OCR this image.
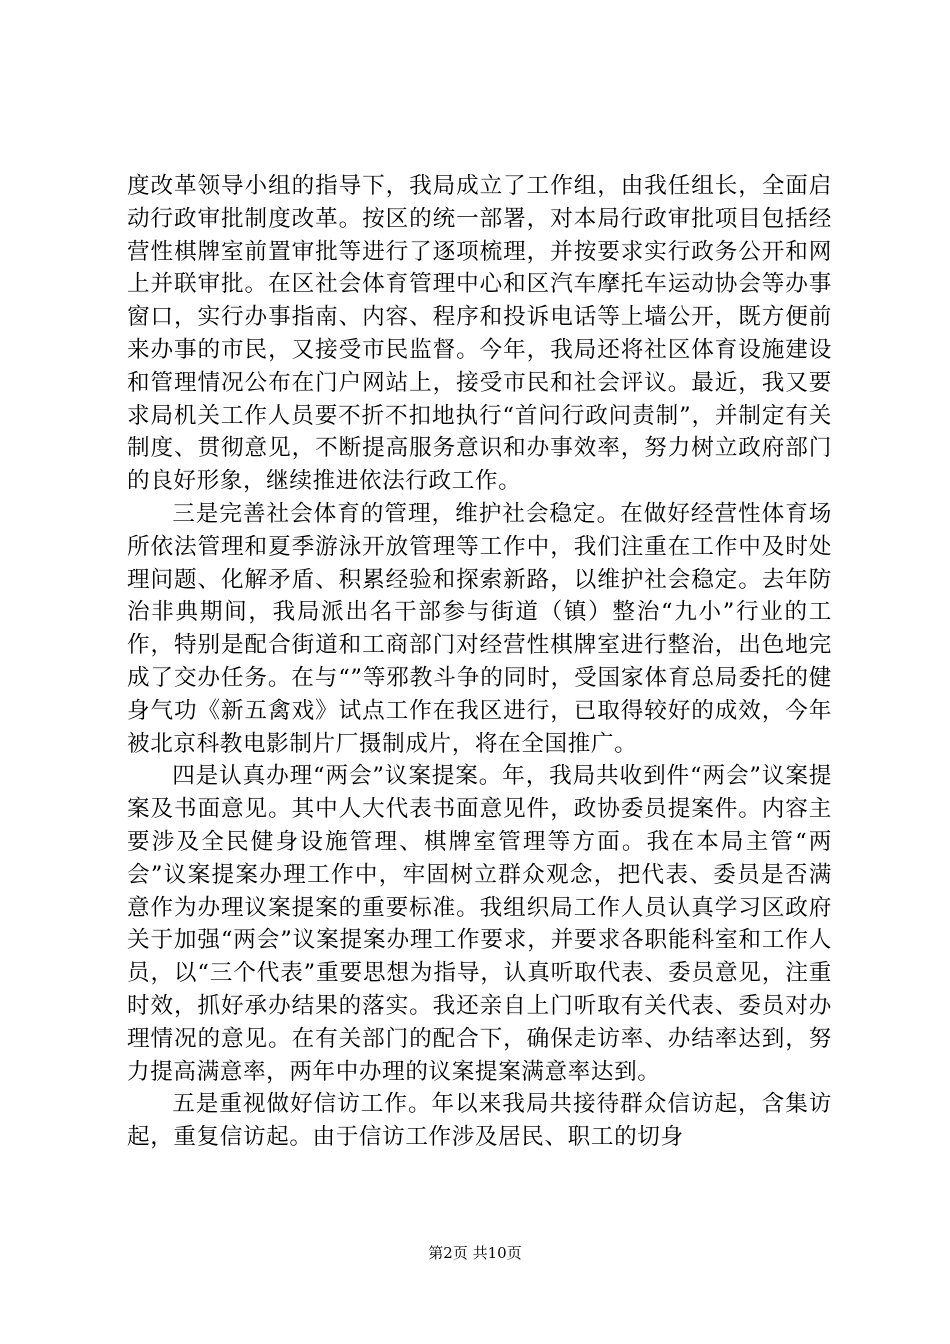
度改革领导小组的指导下，我局成立了工作组，由我任组长，全面启动行政审批制度改革。按区的统一部署，对本局行政审批项目包括经营性棋牌室前置审批等进行了逐项梳理，并按要求实行政务公开和网上并联审批。在区社会体育管理中心和区汽车摩托车运动协会等办事窗口，实行办事指南、内容、程序和投诉电话等上墙公开，既方便前来办事的市民，又接受市民监督。今年，我局还将社区体育设施建设和管理情况公布在门户网站上，接受市民和社会评议。最近，我又要求局机关工作人员要不折不扣地执行“首问行政问责制”，并制定有关制度、贯彻意见，不断提高服务意识和办事效率，努力树立政府部门的良好形象，继续推进依法行政工作。

三是完善社会体育的管理，维护社会稳定。在做好经营性体育场所依法管理和夏季游泳开放管理等工作中，我们注重在工作中及时处理问题、化解矛盾、积累经验和探索新路，以维护社会稳定。去年防治非典期间，我局派出名干部参与街道（镇）整治“九小”行业的工作，特别是配合街道和工商部门对经营性棋牌室进行整治，出色地完成了交办任务。在与“”等邪教斗争的同时，受国家体育总局委托的健身气功《新五禽戏》试点工作在我区进行，已取得较好的成效，今年被北京科教电影制片厂摄制成片，将在全国推广。

四是认真办理“两会”议案提案。年，我局共收到件“两会”议案提案及书面意见。其中人大代表书面意见件，政协委员提案件。内容主要涉及全民健身设施管理、棋牌室管理等方面。我在本局主管“两会”议案提案办理工作中，牢固树立群众观念，把代表、委员是否满意作为办理议案提案的重要标准。我组织局工作人员认真学习区政府关于加强“两会”议案提案办理工作要求，并要求各职能科室和工作人员，以“三个代表”重要思想为指导，认真听取代表、委员意见，注重时效，抓好承办结果的落实。我还亲自上门听取有关代表、委员对办理情况的意见。在有关部门的配合下，确保走访率、办结率达到，努力提高满意率，两年中办理的议案提案满意率达到。

五是重视做好信访工作。年以来我局共接待群众信访起，含集访起，重复信访起。由于信访工作涉及居民、职工的切身

第2页 共10页
